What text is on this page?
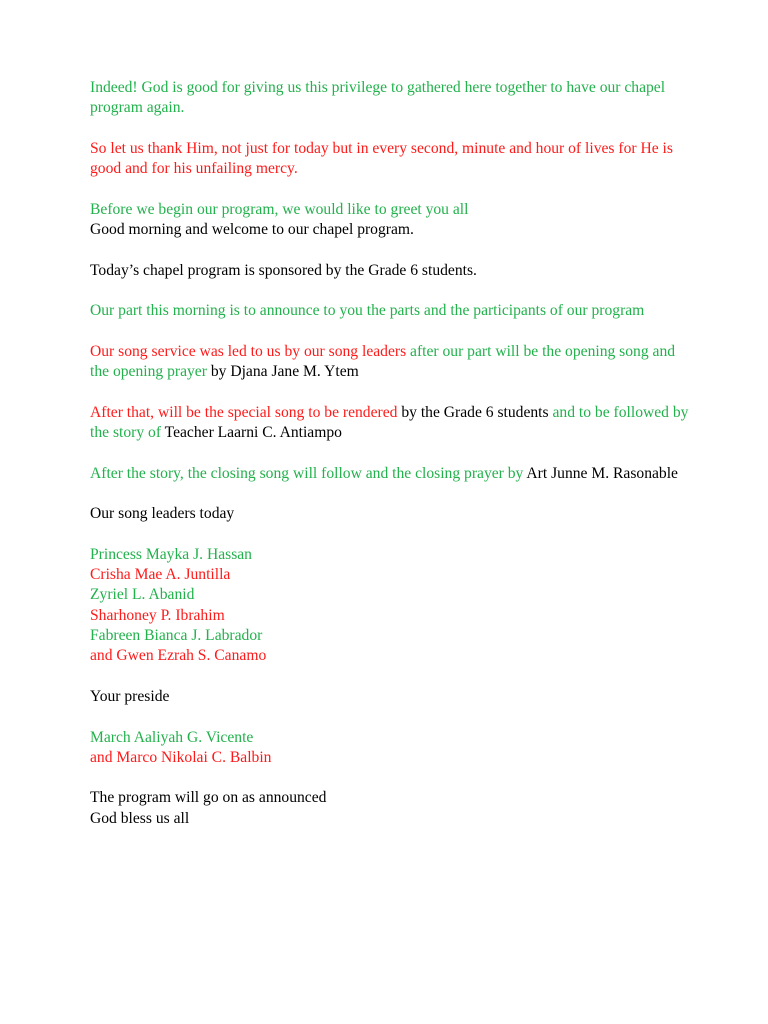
Indeed! God is good for giving us this privilege to gathered here together to have our chapel program again.

So let us thank Him, not just for today but in every second, minute and hour of lives for He is good and for his unfailing mercy.

Before we begin our program, we would like to greet you all
Good morning and welcome to our chapel program.

Today’s chapel program is sponsored by the Grade 6 students.

Our part this morning is to announce to you the parts and the participants of our program

Our song service was led to us by our song leaders after our part will be the opening song and the opening prayer by Djana Jane M. Ytem

After that, will be the special song to be rendered by the Grade 6 students and to be followed by the story of Teacher Laarni C. Antiampo

After the story, the closing song will follow and the closing prayer by Art Junne M. Rasonable

Our song leaders today

Princess Mayka J. Hassan
Crisha Mae A. Juntilla
Zyriel L. Abanid
Sharhoney P. Ibrahim
Fabreen Bianca J. Labrador
and Gwen Ezrah S. Canamo

Your preside

March Aaliyah G. Vicente
and Marco Nikolai C. Balbin
The program will go on as announced
God bless us all
